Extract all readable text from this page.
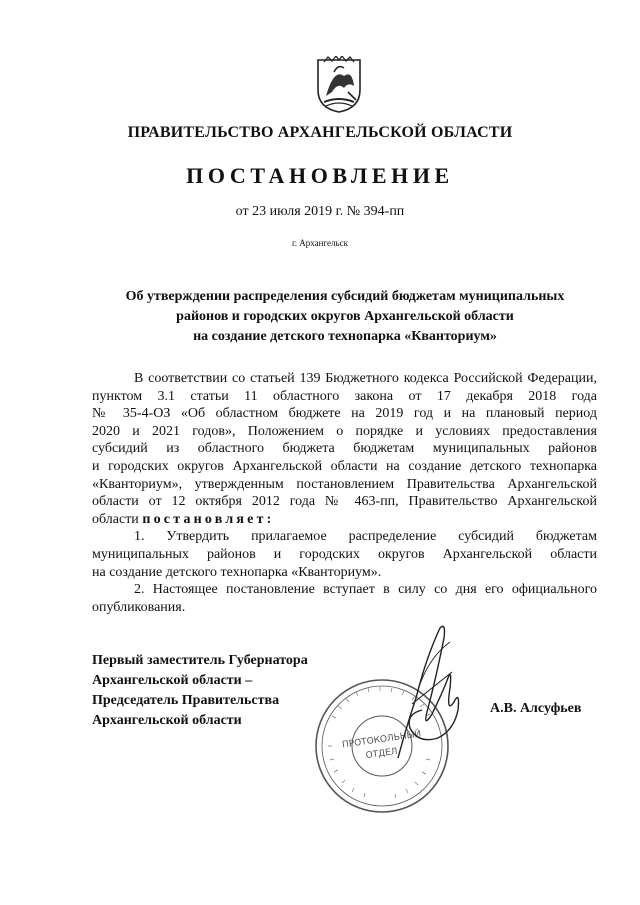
ПРАВИТЕЛЬСТВО АРХАНГЕЛЬСКОЙ ОБЛАСТИ
ПОСТАНОВЛЕНИЕ
от 23 июля 2019 г. № 394-пп
г. Архангельск
Об утверждении распределения субсидий бюджетам муниципальных
районов и городских округов Архангельской области
на создание детского технопарка «Кванториум»
В соответствии со статьей 139 Бюджетного кодекса Российской Федерации,
пунктом 3.1 статьи 11 областного закона от 17 декабря 2018 года
№ 35-4-ОЗ «Об областном бюджете на 2019 год и на плановый период
2020 и 2021 годов», Положением о порядке и условиях предоставления
субсидий из областного бюджета бюджетам муниципальных районов
и городских округов Архангельской области на создание детского технопарка
«Кванториум», утвержденным постановлением Правительства Архангельской
области от 12 октября 2012 года № 463-пп, Правительство Архангельской
области постановляет:
1. Утвердить прилагаемое распределение субсидий бюджетам
муниципальных районов и городских округов Архангельской области
на создание детского технопарка «Кванториум».
2. Настоящее постановление вступает в силу со дня его официального
опубликования.
ПРОТОКОЛЬНЫЙ
ОТДЕЛ
Первый заместитель Губернатора
Архангельской области –
Председатель Правительства
Архангельской области
А.В. Алсуфьев
